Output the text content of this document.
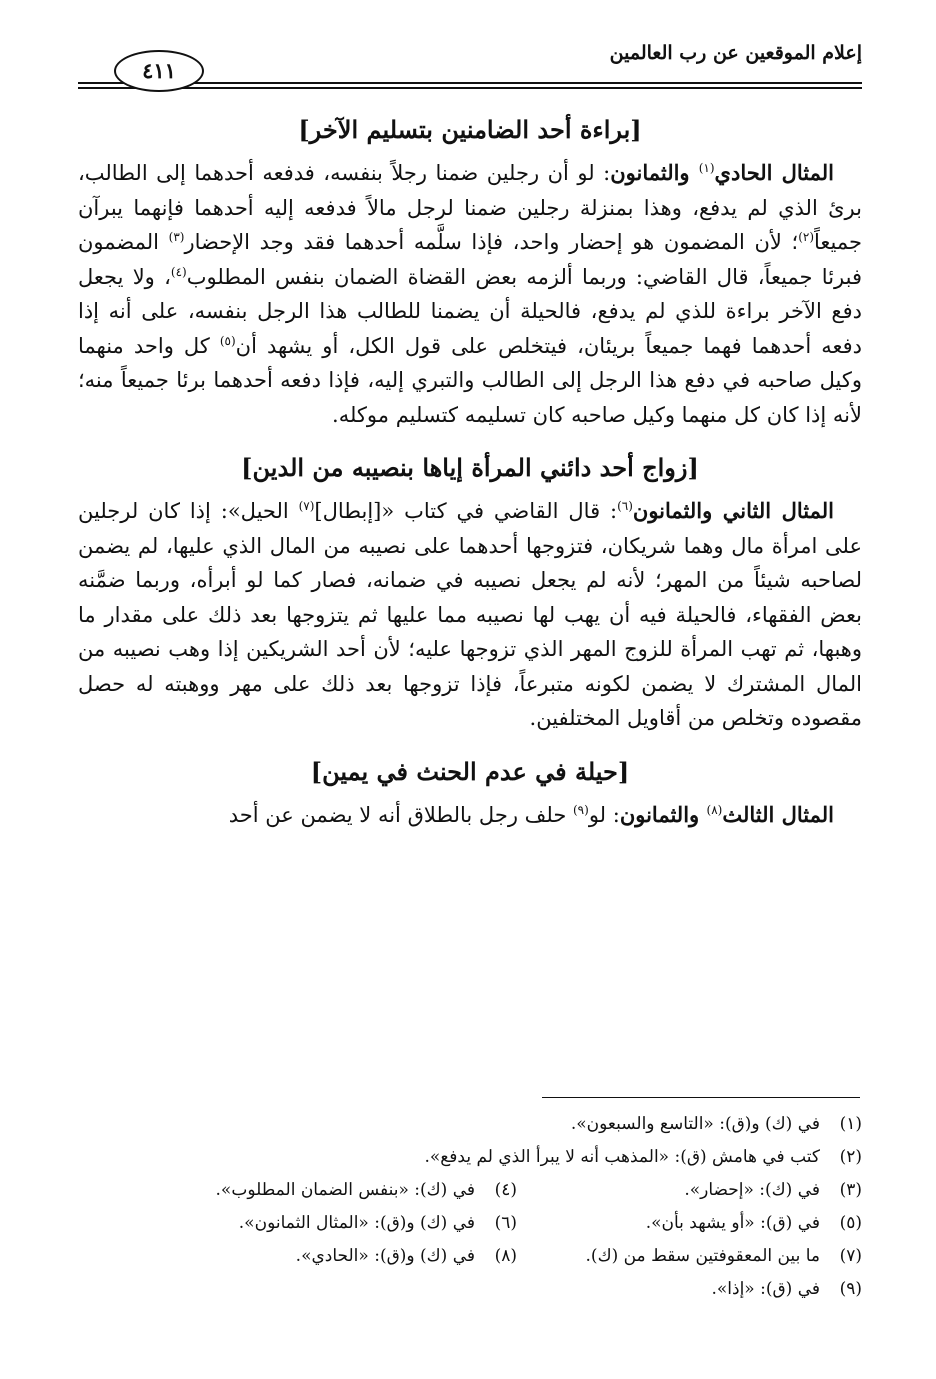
إعلام الموقعين عن رب العالمين
٤١١
[براءة أحد الضامنين بتسليم الآخر]

المثال الحادي$^{(١)}$ والثمانون: لو أن رجلين ضمنا رجلاً بنفسه، فدفعه أحدهما إلى الطالب، برئ الذي لم يدفع، وهذا بمنزلة رجلين ضمنا لرجل مالاً فدفعه إليه أحدهما فإنهما يبرآن جميعاً$^{(٢)}$؛ لأن المضمون هو إحضار واحد، فإذا سلَّمه أحدهما فقد وجد الإحضار$^{(٣)}$ المضمون فبرئا جميعاً، قال القاضي: وربما ألزمه بعض القضاة الضمان بنفس المطلوب$^{(٤)}$، ولا يجعل دفع الآخر براءة للذي لم يدفع، فالحيلة أن يضمنا للطالب هذا الرجل بنفسه، على أنه إذا دفعه أحدهما فهما جميعاً بريئان، فيتخلص على قول الكل، أو يشهد أن$^{(٥)}$ كل واحد منهما وكيل صاحبه في دفع هذا الرجل إلى الطالب والتبري إليه، فإذا دفعه أحدهما برئا جميعاً منه؛ لأنه إذا كان كل منهما وكيل صاحبه كان تسليمه كتسليم موكله.

[زواج أحد دائني المرأة إياها بنصيبه من الدين]

المثال الثاني والثمانون$^{(٦)}$: قال القاضي في كتاب «[إبطال]$^{(٧)}$ الحيل»: إذا كان لرجلين على امرأة مال وهما شريكان، فتزوجها أحدهما على نصيبه من المال الذي عليها، لم يضمن لصاحبه شيئاً من المهر؛ لأنه لم يجعل نصيبه في ضمانه، فصار كما لو أبرأه، وربما ضمَّنه بعض الفقهاء، فالحيلة فيه أن يهب لها نصيبه مما عليها ثم يتزوجها بعد ذلك على مقدار ما وهبها، ثم تهب المرأة للزوج المهر الذي تزوجها عليه؛ لأن أحد الشريكين إذا وهب نصيبه من المال المشترك لا يضمن لكونه متبرعاً، فإذا تزوجها بعد ذلك على مهر ووهبته له حصل مقصوده وتخلص من أقاويل المختلفين.

[حيلة في عدم الحنث في يمين]

المثال الثالث$^{(٨)}$ والثمانون: لو$^{(٩)}$ حلف رجل بالطلاق أنه لا يضمن عن أحد

(١)
في (ك) و(ق): «التاسع والسبعون».
(٢)
كتب في هامش (ق): «المذهب أنه لا يبرأ الذي لم يدفع».
(٣)
في (ك): «إحضار».
(٤)
في (ك): «بنفس الضمان المطلوب».
(٥)
في (ق): «أو يشهد بأن».
(٦)
في (ك) و(ق): «المثال الثمانون».
(٧)
ما بين المعقوفتين سقط من (ك).
(٨)
في (ك) و(ق): «الحادي».
(٩)
في (ق): «إذا».
